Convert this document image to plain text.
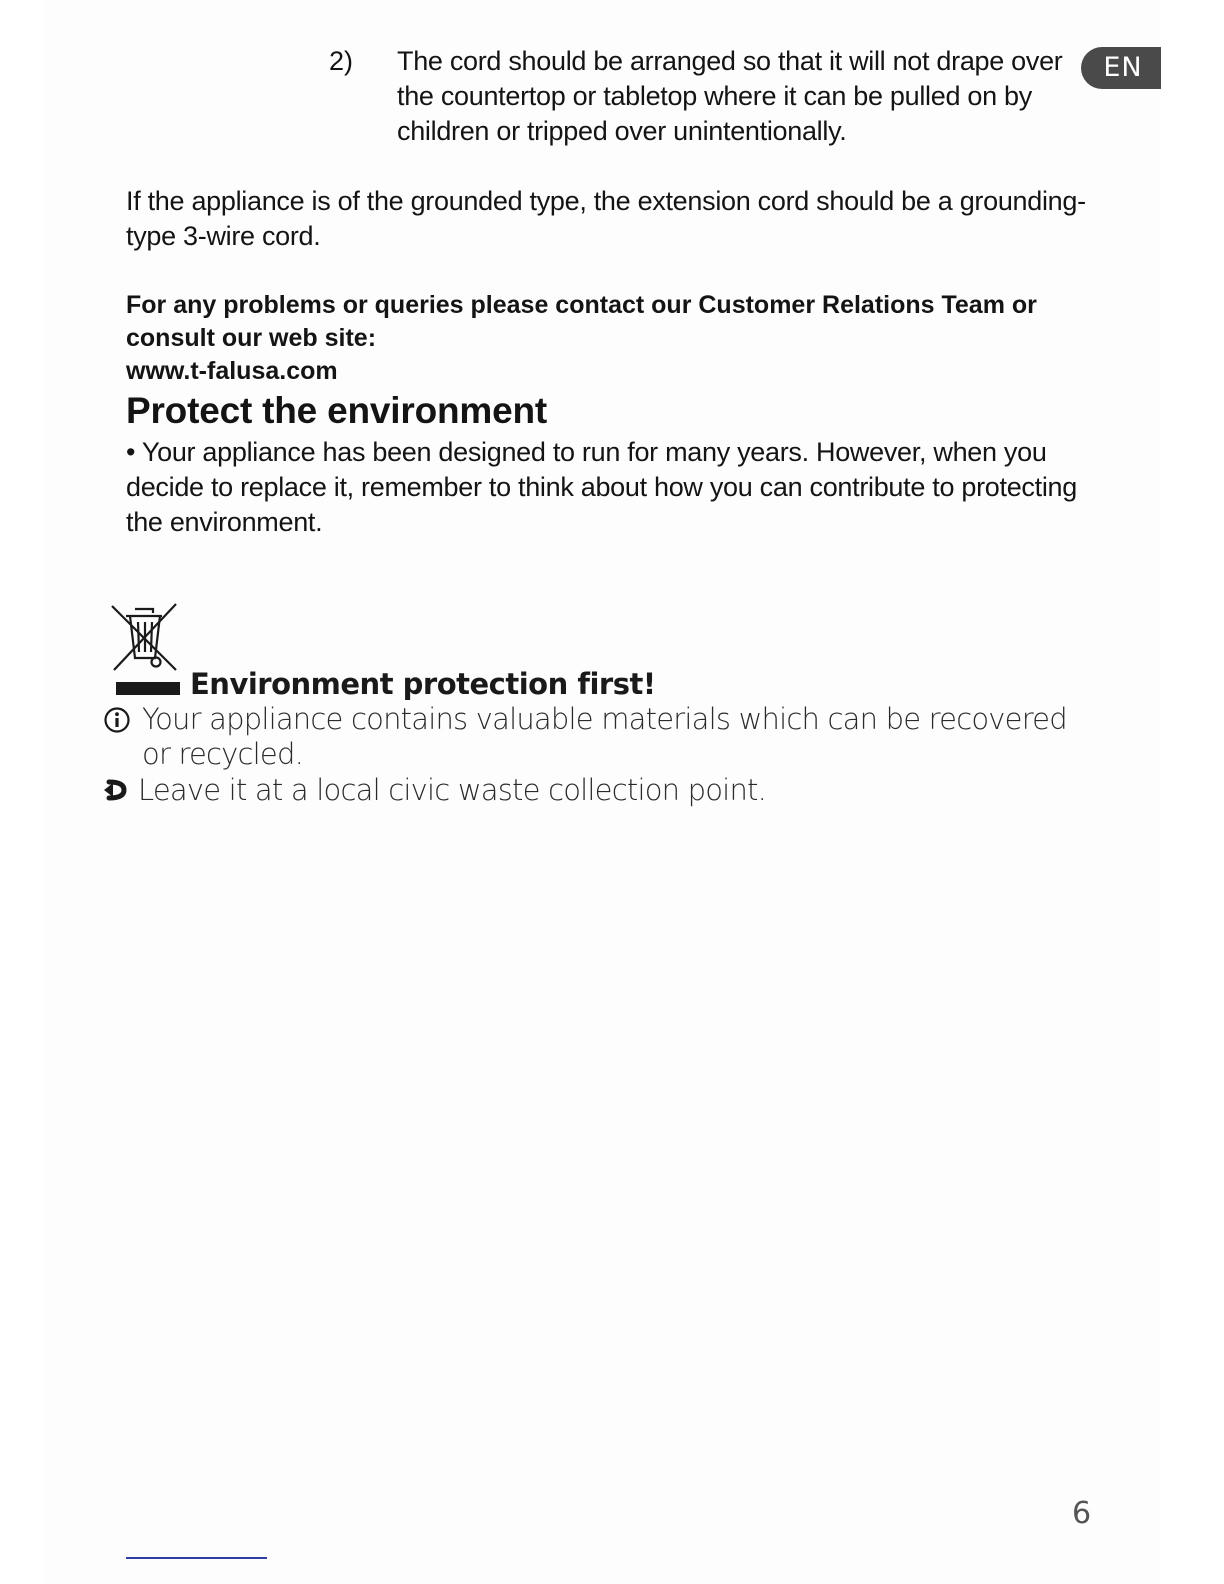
EN
2) The cord should be arranged so that it will not drape over the countertop or tabletop where it can be pulled on by children or tripped over unintentionally.
If the appliance is of the grounded type, the extension cord should be a grounding-type 3-wire cord.
For any problems or queries please contact our Customer Relations Team or consult our web site:
www.t-falusa.com
Protect the environment
• Your appliance has been designed to run for many years. However, when you decide to replace it, remember to think about how you can contribute to protecting the environment.
Environment protection first!
Your appliance contains valuable materials which can be recovered
or recycled.
Leave it at a local civic waste collection point.
6
